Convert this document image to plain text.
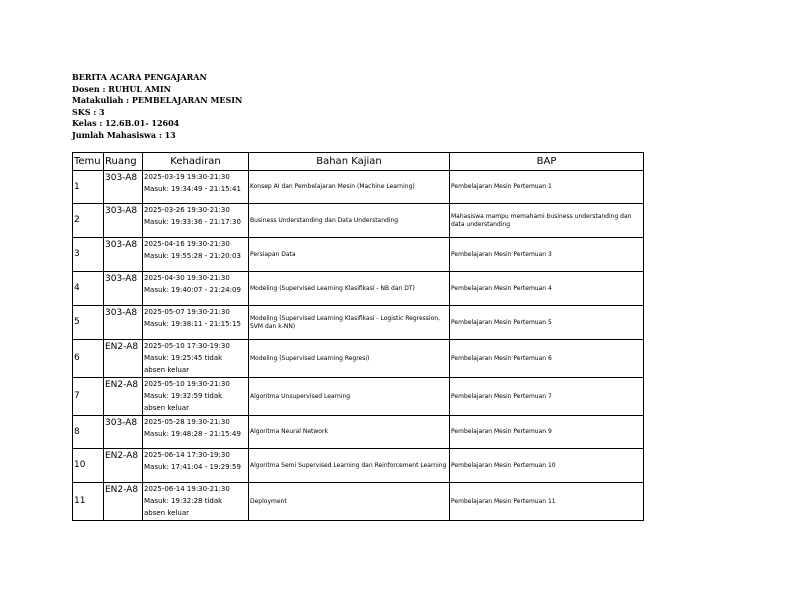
BERITA ACARA PENGAJARAN
Dosen : RUHUL AMIN
Matakuliah : PEMBELAJARAN MESIN
SKS : 3
Kelas : 12.6B.01- 12604
Jumlah Mahasiswa : 13
Temu	Ruang	Kehadiran	Bahan Kajian	BAP
1	303-A8	2025-03-19 19:30-21:30
Masuk: 19:34:49 - 21:15:41	Konsep AI dan Pembelajaran Mesin (Machine Learning)	Pembelajaran Mesin Pertemuan 1
2	303-A8	2025-03-26 19:30-21:30
Masuk: 19:33:36 - 21:17:30	Business Understanding dan Data Understanding	Mahasiswa mampu memahami business understanding dan data understanding
3	303-A8	2025-04-16 19:30-21:30
Masuk: 19:55:28 - 21:20:03	Persiapan Data	Pembelajaran Mesin Pertemuan 3
4	303-A8	2025-04-30 19:30-21:30
Masuk: 19:40:07 - 21:24:09	Modeling (Supervised Learning Klasifikasi - NB dan DT)	Pembelajaran Mesin Pertemuan 4
5	303-A8	2025-05-07 19:30-21:30
Masuk: 19:38:11 - 21:15:15	Modeling (Supervised Learning Klasifikasi - Logistic Regression, SVM dan k-NN)	Pembelajaran Mesin Pertemuan 5
6	EN2-A8	2025-05-10 17:30-19:30
Masuk: 19:25:45 tidak
absen keluar	Modeling (Supervised Learning Regresi)	Pembelajaran Mesin Pertemuan 6
7	EN2-A8	2025-05-10 19:30-21:30
Masuk: 19:32:59 tidak
absen keluar	Algoritma Unsupervised Learning	Pembelajaran Mesin Pertemuan 7
8	303-A8	2025-05-28 19:30-21:30
Masuk: 19:48:28 - 21:15:49	Algoritma Neural Network	Pembelajaran Mesin Pertemuan 9
10	EN2-A8	2025-06-14 17:30-19:30
Masuk: 17:41:04 - 19:29:59	Algoritma Semi Supervised Learning dan Reinforcement Learning	Pembelajaran Mesin Pertemuan 10
11	EN2-A8	2025-06-14 19:30-21:30
Masuk: 19:32:28 tidak
absen keluar	Deployment	Pembelajaran Mesin Pertemuan 11
